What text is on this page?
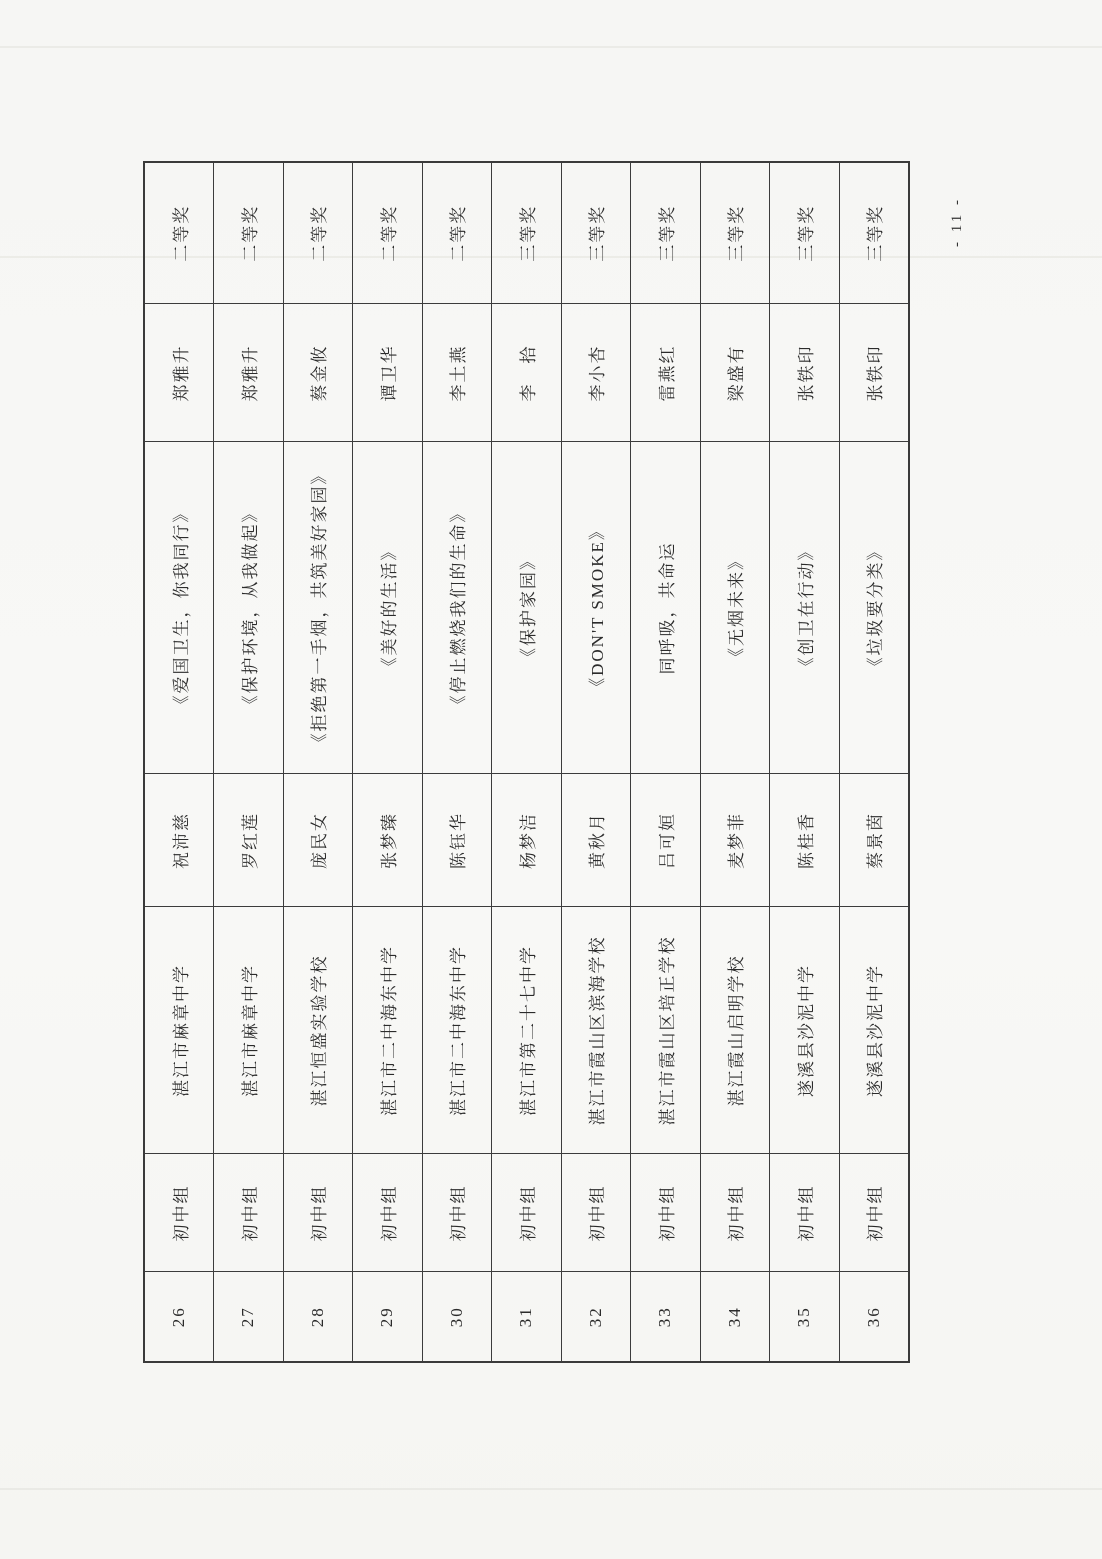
26	初中组	湛江市麻章中学	祝沛慈	《爱国卫生，你我同行》	郑雅升	二等奖
27	初中组	湛江市麻章中学	罗红莲	《保护环境，从我做起》	郑雅升	二等奖
28	初中组	湛江恒盛实验学校	庞民女	《拒绝第一手烟，共筑美好家园》	蔡金攸	二等奖
29	初中组	湛江市二中海东中学	张梦臻	《美好的生活》	谭卫华	二等奖
30	初中组	湛江市二中海东中学	陈钰华	《停止燃烧我们的生命》	李土燕	二等奖
31	初中组	湛江市第二十七中学	杨梦洁	《保护家园》	李　拾	三等奖
32	初中组	湛江市霞山区滨海学校	黄秋月	《DON'T SMOKE》	李小杏	三等奖
33	初中组	湛江市霞山区培正学校	吕可姮	同呼吸，共命运	雷燕红	三等奖
34	初中组	湛江霞山启明学校	麦梦菲	《无烟未来》	梁盛有	三等奖
35	初中组	遂溪县沙泥中学	陈桂香	《创卫在行动》	张铁印	三等奖
36	初中组	遂溪县沙泥中学	蔡景茵	《垃圾要分类》	张铁印	三等奖	- 11 -
